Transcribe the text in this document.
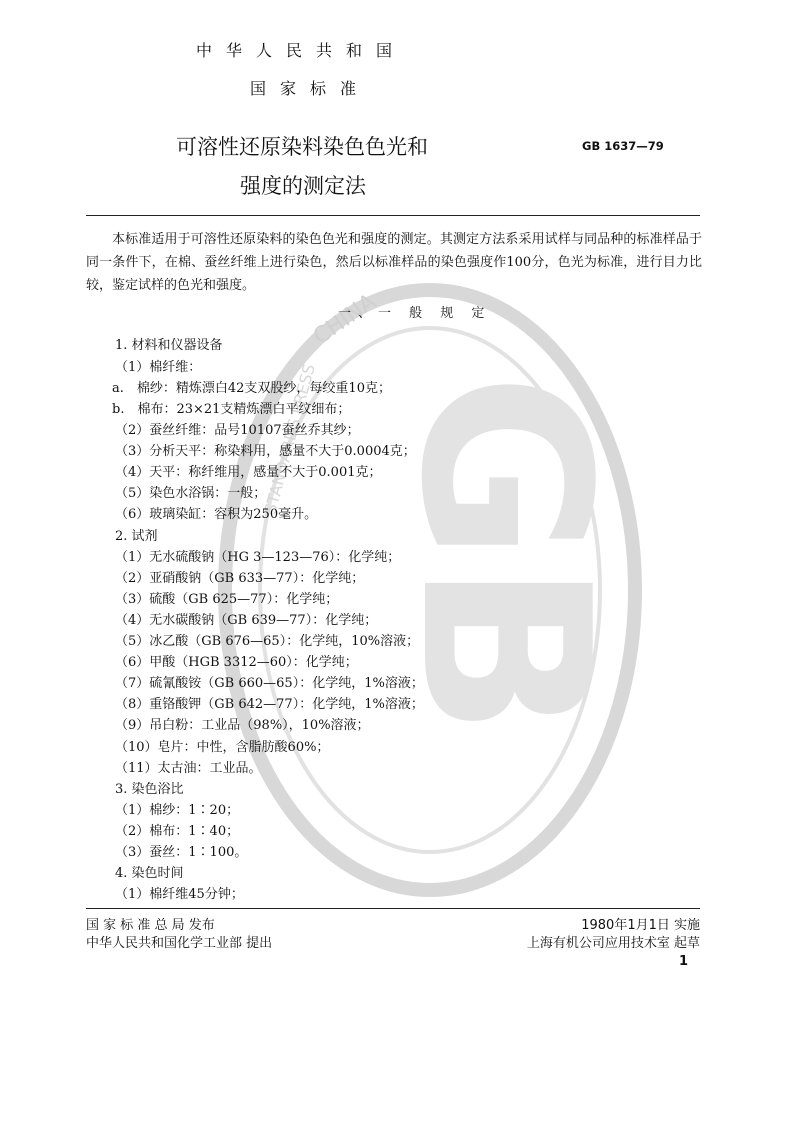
GB
CHINA
STANDARDS PRESS
中华人民共和国
国家标准
可溶性还原染料染色色光和
强度的测定法
GB 1637—79
本标准适用于可溶性还原染料的染色色光和强度的测定。其测定方法系采用试样与同品种的标准样品于同一条件下，在棉、蚕丝纤维上进行染色，然后以标准样品的染色强度作100分，色光为标准，进行目力比较，鉴定试样的色光和强度。
一、一 般 规 定
1. 材料和仪器设备
（1）棉纤维：
a.　棉纱：精炼漂白42支双股纱，每绞重10克；
b.　棉布：23×21支精炼漂白平纹细布；
（2）蚕丝纤维：品号10107蚕丝乔其纱；
（3）分析天平：称染料用，感量不大于0.0004克；
（4）天平：称纤维用，感量不大于0.001克；
（5）染色水浴锅：一般；
（6）玻璃染缸：容积为250毫升。
2. 试剂
（1）无水硫酸钠（HG 3—123—76）：化学纯；
（2）亚硝酸钠（GB 633—77）：化学纯；
（3）硫酸（GB 625—77）：化学纯；
（4）无水碳酸钠（GB 639—77）：化学纯；
（5）冰乙酸（GB 676—65）：化学纯，10%溶液；
（6）甲酸（HGB 3312—60）：化学纯；
（7）硫氰酸铵（GB 660—65）：化学纯，1%溶液；
（8）重铬酸钾（GB 642—77）：化学纯，1%溶液；
（9）吊白粉：工业品（98%），10%溶液；
（10）皂片：中性，含脂肪酸60%；
（11）太古油：工业品。
3. 染色浴比
（1）棉纱：1∶20；
（2）棉布：1∶40；
（3）蚕丝：1∶100。
4. 染色时间
（1）棉纤维45分钟；
国 家 标 准 总 局 发布	1980年1月1日 实施
中华人民共和国化学工业部 提出	上海有机公司应用技术室 起草
1
